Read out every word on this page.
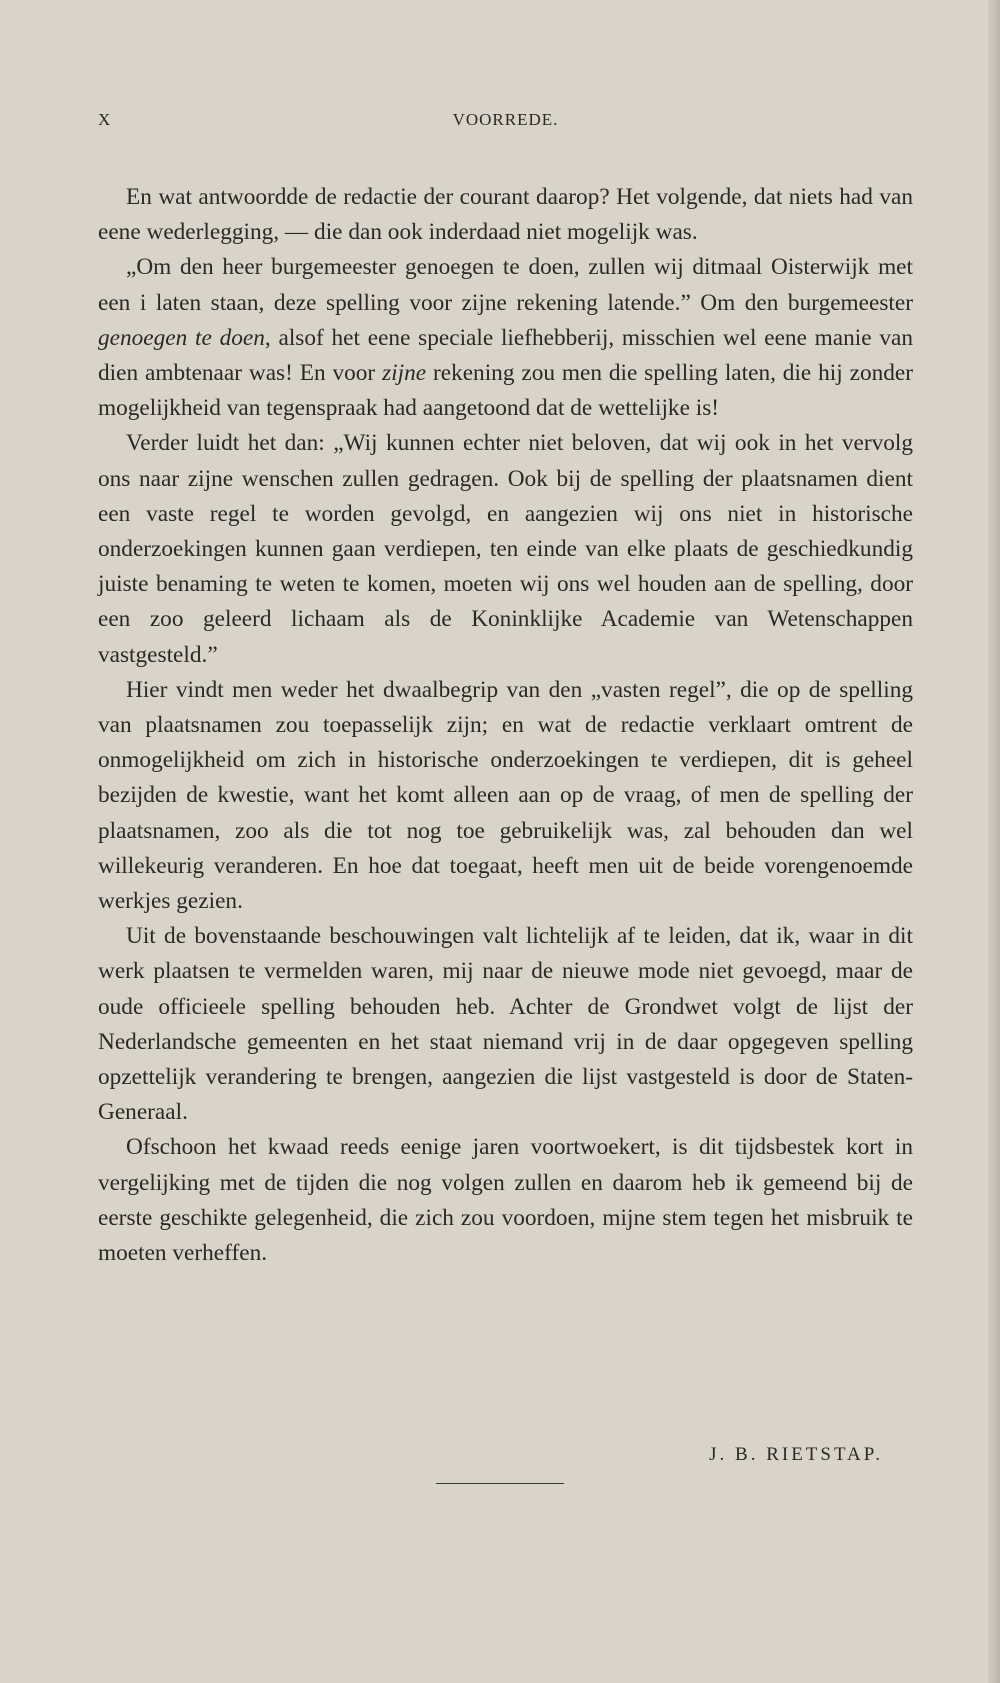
X	VOORREDE.

En wat antwoordde de redactie der courant daarop? Het volgende, dat niets had van eene wederlegging, — die dan ook inderdaad niet mogelijk was.

„Om den heer burgemeester genoegen te doen, zullen wij ditmaal Oisterwijk met een i laten staan, deze spelling voor zijne rekening latende.” Om den burgemeester genoegen te doen, alsof het eene speciale liefhebberij, misschien wel eene manie van dien ambtenaar was! En voor zijne rekening zou men die spelling laten, die hij zonder mogelijkheid van tegenspraak had aangetoond dat de wettelijke is!

Verder luidt het dan: „Wij kunnen echter niet beloven, dat wij ook in het vervolg ons naar zijne wenschen zullen gedragen. Ook bij de spelling der plaatsnamen dient een vaste regel te worden gevolgd, en aangezien wij ons niet in historische onderzoekingen kunnen gaan verdiepen, ten einde van elke plaats de geschiedkundig juiste benaming te weten te komen, moeten wij ons wel houden aan de spelling, door een zoo geleerd lichaam als de Koninklijke Academie van Wetenschappen vastgesteld.”

Hier vindt men weder het dwaalbegrip van den „vasten regel”, die op de spelling van plaatsnamen zou toepasselijk zijn; en wat de redactie verklaart omtrent de onmogelijkheid om zich in historische onderzoekingen te verdiepen, dit is geheel bezijden de kwestie, want het komt alleen aan op de vraag, of men de spelling der plaatsnamen, zoo als die tot nog toe gebruikelijk was, zal behouden dan wel willekeurig veranderen. En hoe dat toegaat, heeft men uit de beide vorengenoemde werkjes gezien.

Uit de bovenstaande beschouwingen valt lichtelijk af te leiden, dat ik, waar in dit werk plaatsen te vermelden waren, mij naar de nieuwe mode niet gevoegd, maar de oude officieele spelling behouden heb. Achter de Grondwet volgt de lijst der Nederlandsche gemeenten en het staat niemand vrij in de daar opgegeven spelling opzettelijk verandering te brengen, aangezien die lijst vastgesteld is door de Staten-Generaal.

Ofschoon het kwaad reeds eenige jaren voortwoekert, is dit tijdsbestek kort in vergelijking met de tijden die nog volgen zullen en daarom heb ik gemeend bij de eerste geschikte gelegenheid, die zich zou voordoen, mijne stem tegen het misbruik te moeten verheffen.

J. B. RIETSTAP.
